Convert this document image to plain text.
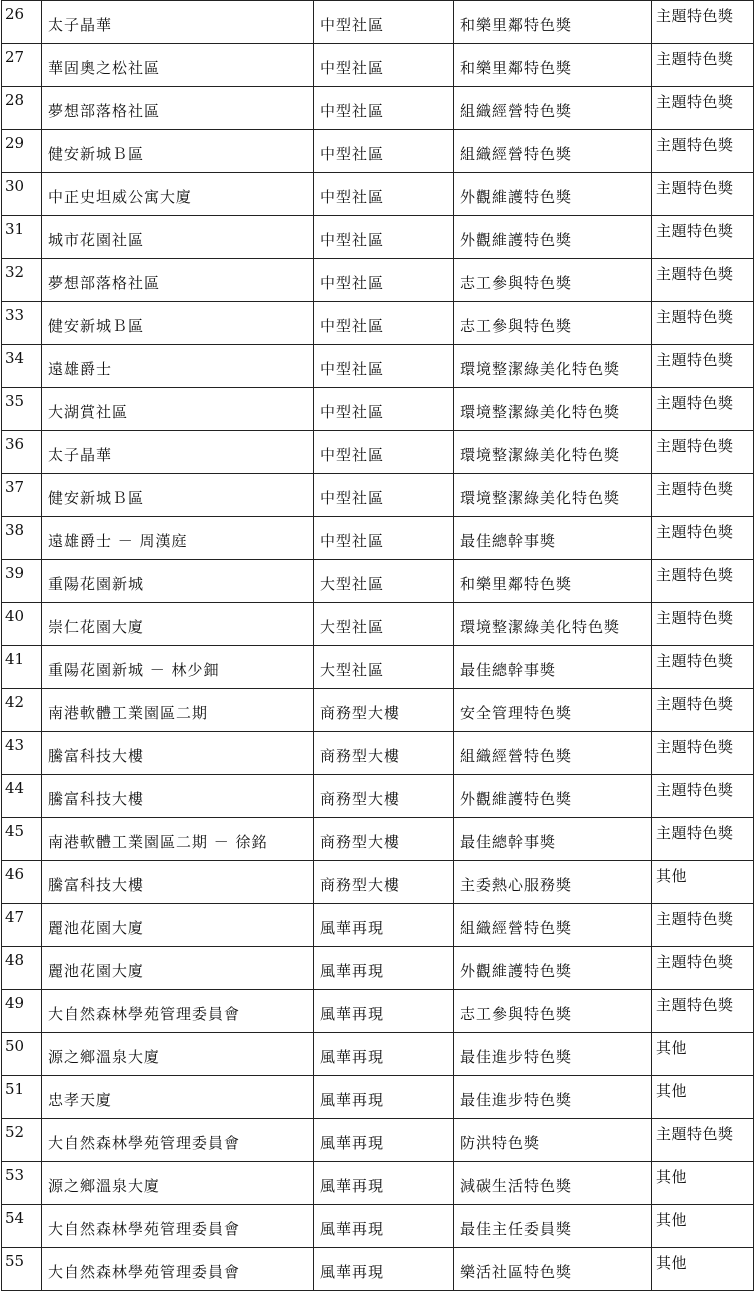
26	太子晶華	中型社區	和樂里鄰特色獎	主題特色獎
27	華固奧之松社區	中型社區	和樂里鄰特色獎	主題特色獎
28	夢想部落格社區	中型社區	組織經營特色獎	主題特色獎
29	健安新城Ｂ區	中型社區	組織經營特色獎	主題特色獎
30	中正史坦威公寓大廈	中型社區	外觀維護特色獎	主題特色獎
31	城市花園社區	中型社區	外觀維護特色獎	主題特色獎
32	夢想部落格社區	中型社區	志工參與特色獎	主題特色獎
33	健安新城Ｂ區	中型社區	志工參與特色獎	主題特色獎
34	遠雄爵士	中型社區	環境整潔綠美化特色獎	主題特色獎
35	大湖賞社區	中型社區	環境整潔綠美化特色獎	主題特色獎
36	太子晶華	中型社區	環境整潔綠美化特色獎	主題特色獎
37	健安新城Ｂ區	中型社區	環境整潔綠美化特色獎	主題特色獎
38	遠雄爵士 － 周漢庭	中型社區	最佳總幹事獎	主題特色獎
39	重陽花園新城	大型社區	和樂里鄰特色獎	主題特色獎
40	崇仁花園大廈	大型社區	環境整潔綠美化特色獎	主題特色獎
41	重陽花園新城 － 林少鈿	大型社區	最佳總幹事獎	主題特色獎
42	南港軟體工業園區二期	商務型大樓	安全管理特色獎	主題特色獎
43	騰富科技大樓	商務型大樓	組織經營特色獎	主題特色獎
44	騰富科技大樓	商務型大樓	外觀維護特色獎	主題特色獎
45	南港軟體工業園區二期 － 徐銘	商務型大樓	最佳總幹事獎	主題特色獎
46	騰富科技大樓	商務型大樓	主委熱心服務獎	其他
47	麗池花園大廈	風華再現	組織經營特色獎	主題特色獎
48	麗池花園大廈	風華再現	外觀維護特色獎	主題特色獎
49	大自然森林學苑管理委員會	風華再現	志工參與特色獎	主題特色獎
50	源之鄉溫泉大廈	風華再現	最佳進步特色獎	其他
51	忠孝天廈	風華再現	最佳進步特色獎	其他
52	大自然森林學苑管理委員會	風華再現	防洪特色獎	主題特色獎
53	源之鄉溫泉大廈	風華再現	減碳生活特色獎	其他
54	大自然森林學苑管理委員會	風華再現	最佳主任委員獎	其他
55	大自然森林學苑管理委員會	風華再現	樂活社區特色獎	其他
